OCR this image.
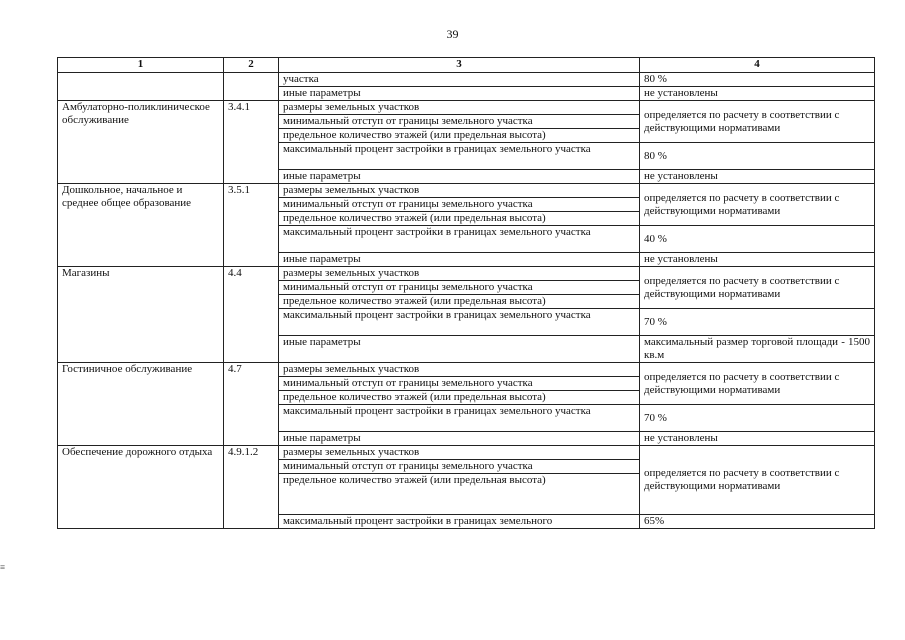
39
1	2	3	4
		участка	80 %
		иные параметры	не установлены
Амбулаторно-поликлиническое обслуживание	3.4.1	размеры земельных участков	определяется по расчету в соответствии с действующими нормативами
		минимальный отступ от границы земельного участка	
		предельное количество этажей (или предельная высота)	
		максимальный процент застройки в границах земельного участка	80 %
		иные параметры	не установлены
Дошкольное, начальное и среднее общее образование	3.5.1	размеры земельных участков	определяется по расчету в соответствии с действующими нормативами
		минимальный отступ от границы земельного участка	
		предельное количество этажей (или предельная высота)	
		максимальный процент застройки в границах земельного участка	40 %
		иные параметры	не установлены
Магазины	4.4	размеры земельных участков	определяется по расчету в соответствии с действующими нормативами
		минимальный отступ от границы земельного участка	
		предельное количество этажей (или предельная высота)	
		максимальный процент застройки в границах земельного участка	70 %
		иные параметры	максимальный размер торговой площади - 1500 кв.м
Гостиничное обслуживание	4.7	размеры земельных участков	определяется по расчету в соответствии с действующими нормативами
		минимальный отступ от границы земельного участка	
		предельное количество этажей (или предельная высота)	
		максимальный процент застройки в границах земельного участка	70 %
		иные параметры	не установлены
Обеспечение дорожного отдыха	4.9.1.2	размеры земельных участков	определяется по расчету в соответствии с действующими нормативами
		минимальный отступ от границы земельного участка	
		предельное количество этажей (или предельная высота)	
		максимальный процент застройки в границах земельного	65%
≡
